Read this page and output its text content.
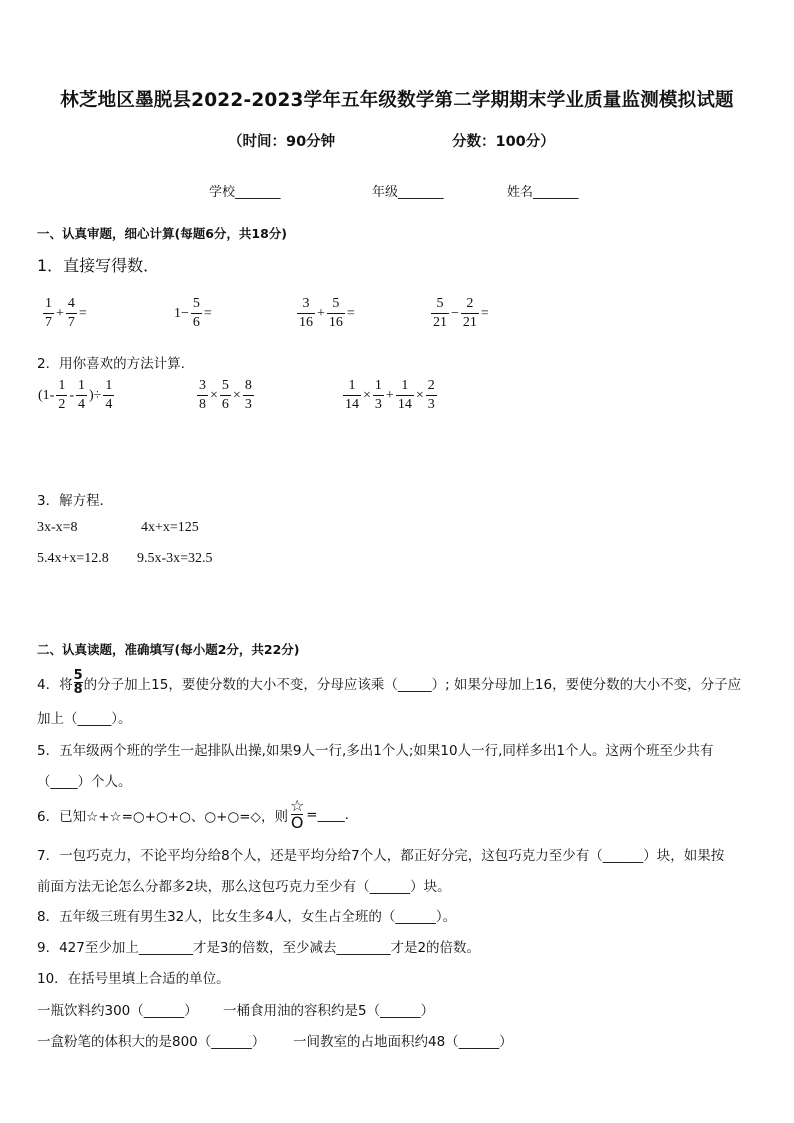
林芝地区墨脱县2022-2023学年五年级数学第二学期期末学业质量监测模拟试题
（时间：90分钟	分数：100分）
学校_______	年级_______	姓名_______
一、认真审题，细心计算(每题6分，共18分)
1．直接写得数．
$\frac{1}{7} + \frac{4}{7}$ =	$1- \frac{5}{6}$ =	$\frac{3}{16} + \frac{5}{16}$ =	$\frac{5}{21} - \frac{2}{21}$ =
2．用你喜欢的方法计算.
($1- \frac{1}{2} - \frac{1}{4}$ )÷ $\frac{1}{4}$	$\frac{3}{8} \times \frac{5}{6} \times \frac{8}{3}$	$\frac{1}{14} \times \frac{1}{3} + \frac{1}{14} \times \frac{2}{3}$
3．解方程．
3x-x=8	4x+x=125
5.4x+x=12.8 9.5x-3x=32.5
二、认真读题，准确填写(每小题2分，共22分)
4．将
5
8 的分子加上15，要使分数的大小不变，分母应该乘（_____）; 如果分母加上16，要使分数的大小不变，分子应
加上（_____）。
5．五年级两个班的学生一起排队出操,如果9人一行,多出1个人;如果10人一行,同样多出1个人。这两个班至少共有
（____）个人。
6．已知☆+☆=○+○+○、○+○=◇，则 $\frac{☆}{O}$ =____.
7．一包巧克力，不论平均分给8个人，还是平均分给7个人，都正好分完，这包巧克力至少有（______）块，如果按
前面方法无论怎么分都多2块，那么这包巧克力至少有（______）块。
8．五年级三班有男生32人，比女生多4人，女生占全班的（______）。
9．427至少加上________才是3的倍数，至少减去________才是2的倍数。
10．在括号里填上合适的单位。
一瓶饮料约300（______） 一桶食用油的容积约是5（______）
一盒粉笔的体积大的是800（______） 一间教室的占地面积约48（______）
